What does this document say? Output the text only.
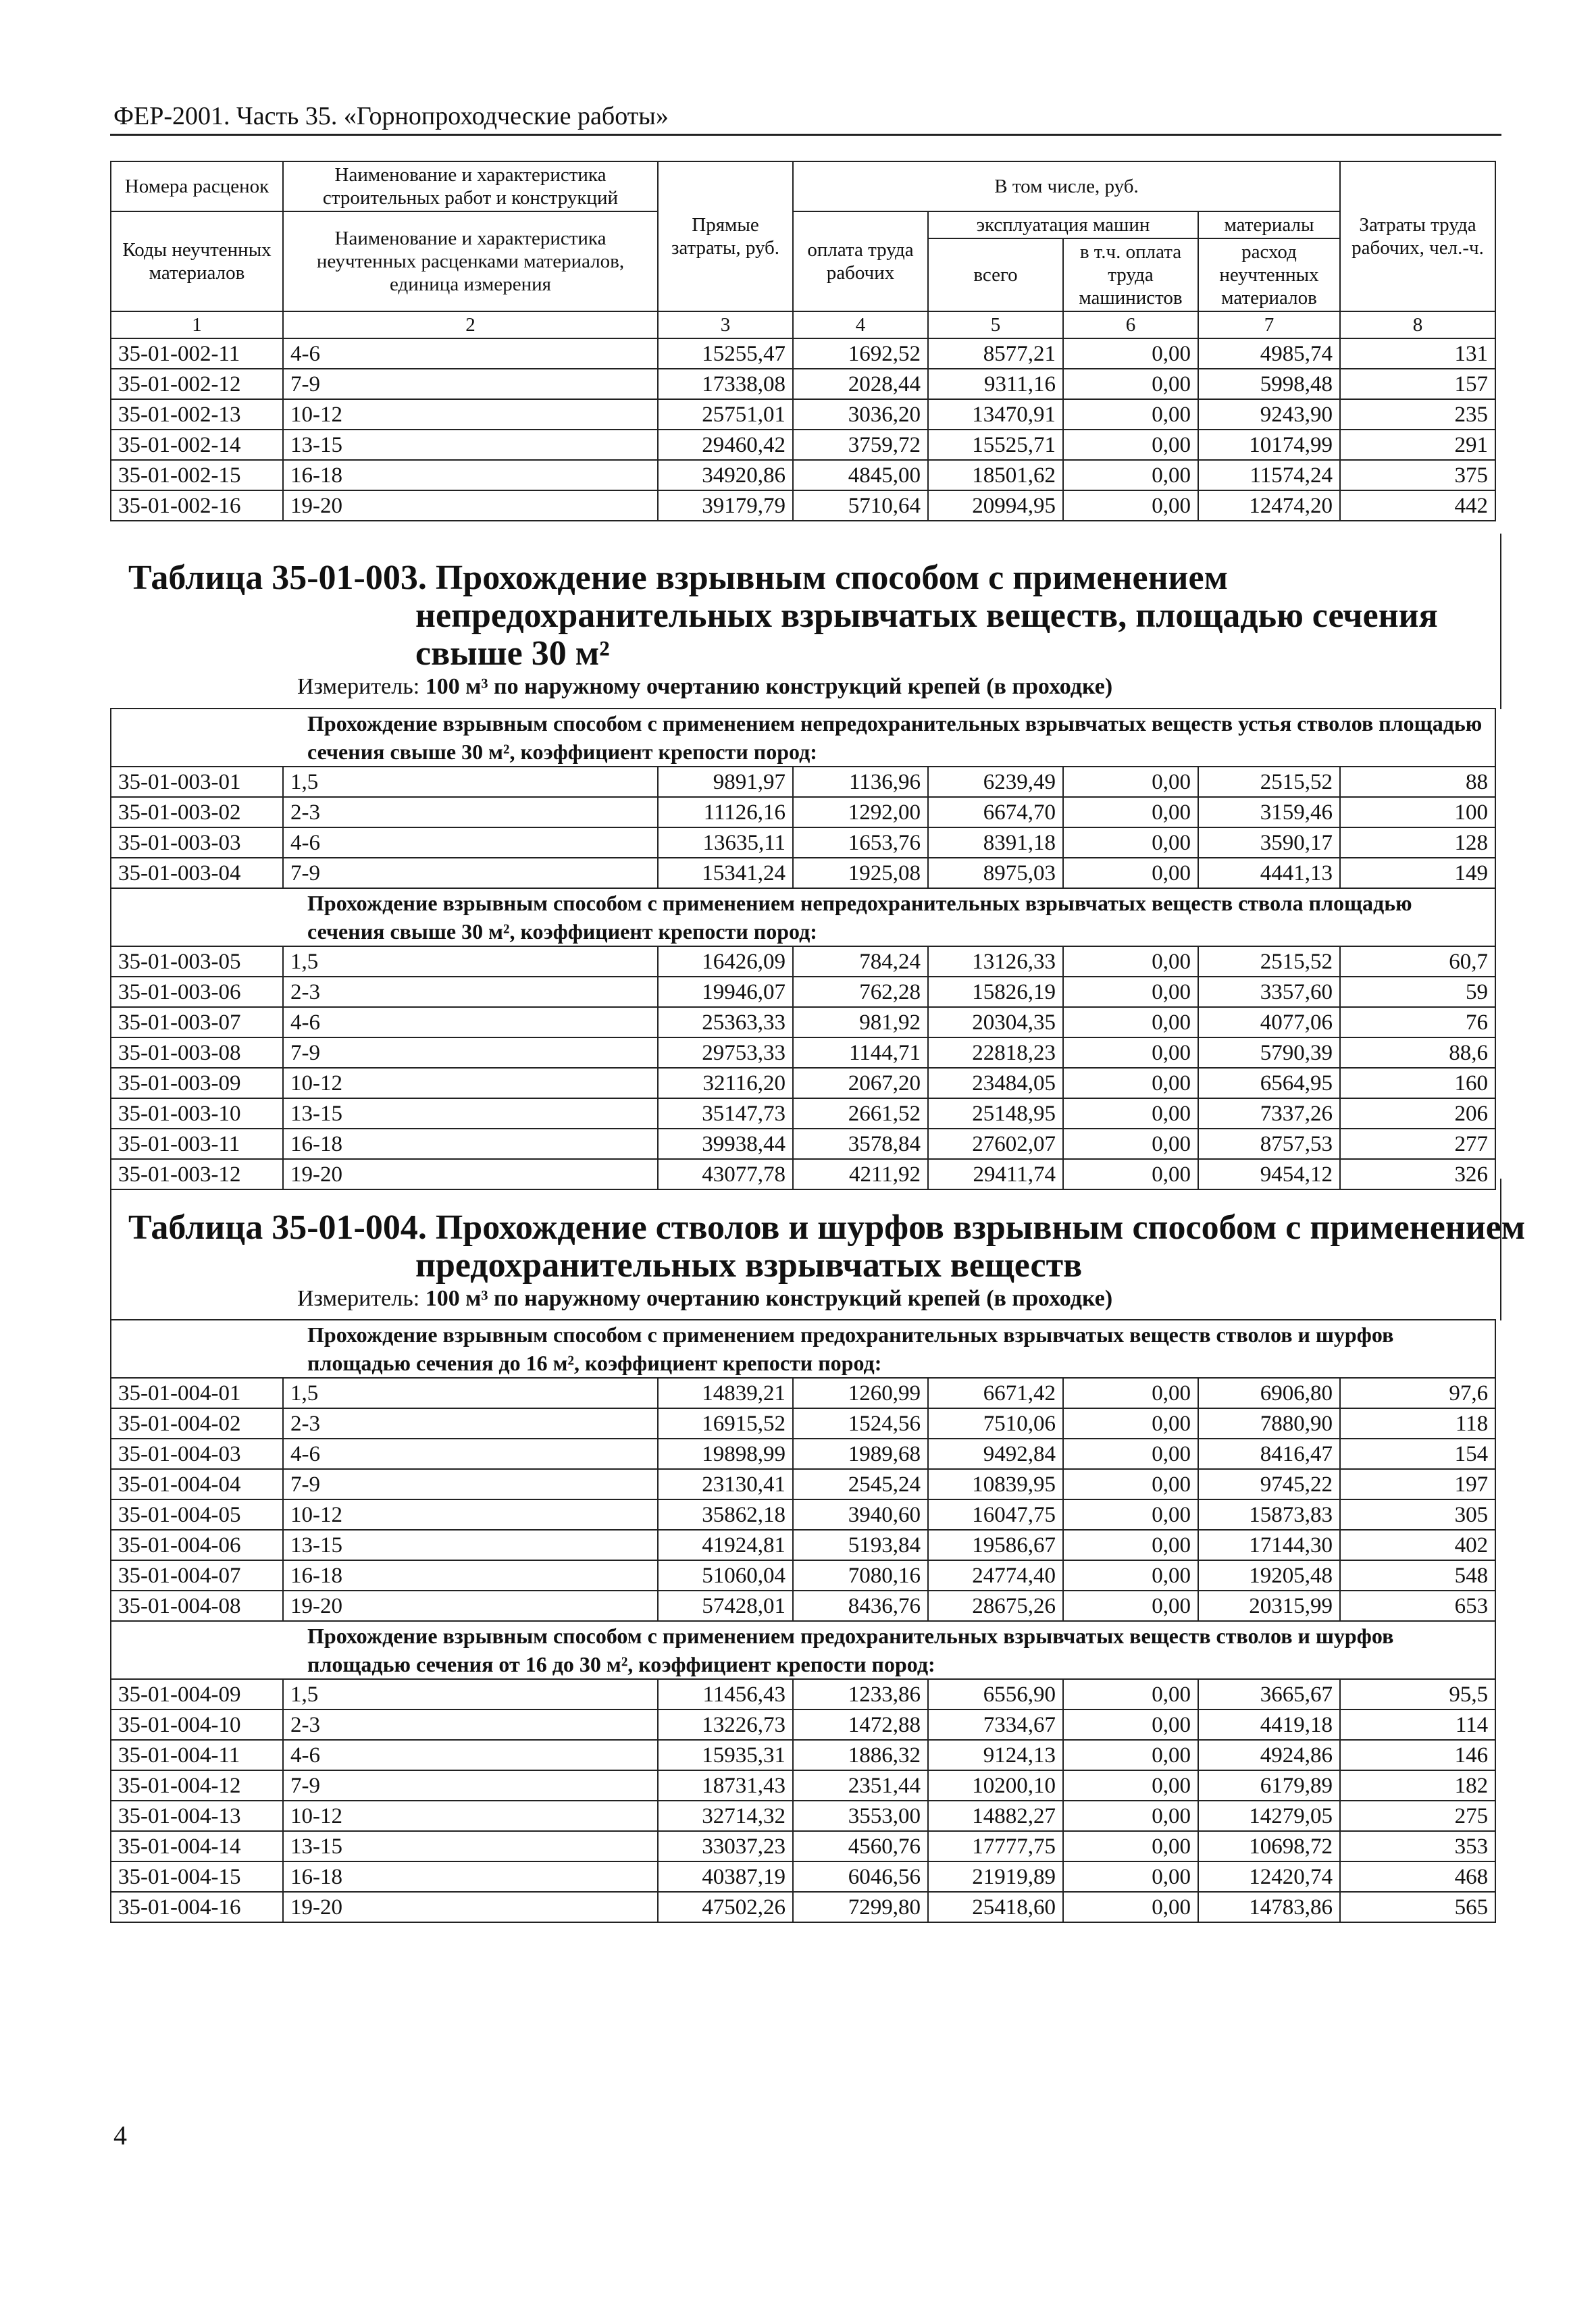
ФЕР-2001. Часть 35. «Горнопроходческие работы»
Номера расценок	Наименование и характеристика строительных работ и конструкций	Прямые затраты, руб.	В том числе, руб.				Затраты труда рабочих, чел.-ч.
Коды неучтенных материалов	Наименование и характеристика неучтенных расценками материалов, единица измерения		оплата труда рабочих	эксплуатация машин		материалы	
				всего	в т.ч. оплата труда машинистов	расход неучтенных материалов	
1	2	3	4	5	6	7	8
35-01-002-11	4-6	15255,47	1692,52	8577,21	0,00	4985,74	131
35-01-002-12	7-9	17338,08	2028,44	9311,16	0,00	5998,48	157
35-01-002-13	10-12	25751,01	3036,20	13470,91	0,00	9243,90	235
35-01-002-14	13-15	29460,42	3759,72	15525,71	0,00	10174,99	291
35-01-002-15	16-18	34920,86	4845,00	18501,62	0,00	11574,24	375
35-01-002-16	19-20	39179,79	5710,64	20994,95	0,00	12474,20	442
Таблица 35-01-003. Прохождение взрывным способом с применением
непредохранительных взрывчатых веществ, площадью сечения
свыше 30 м²
Измеритель: 100 м³ по наружному очертанию конструкций крепей (в проходке)
Прохождение взрывным способом с применением непредохранительных взрывчатых веществ устья стволов площадью сечения свыше 30 м², коэффициент крепости пород:							
35-01-003-01	1,5	9891,97	1136,96	6239,49	0,00	2515,52	88
35-01-003-02	2-3	11126,16	1292,00	6674,70	0,00	3159,46	100
35-01-003-03	4-6	13635,11	1653,76	8391,18	0,00	3590,17	128
35-01-003-04	7-9	15341,24	1925,08	8975,03	0,00	4441,13	149
Прохождение взрывным способом с применением непредохранительных взрывчатых веществ ствола площадью сечения свыше 30 м², коэффициент крепости пород:							
35-01-003-05	1,5	16426,09	784,24	13126,33	0,00	2515,52	60,7
35-01-003-06	2-3	19946,07	762,28	15826,19	0,00	3357,60	59
35-01-003-07	4-6	25363,33	981,92	20304,35	0,00	4077,06	76
35-01-003-08	7-9	29753,33	1144,71	22818,23	0,00	5790,39	88,6
35-01-003-09	10-12	32116,20	2067,20	23484,05	0,00	6564,95	160
35-01-003-10	13-15	35147,73	2661,52	25148,95	0,00	7337,26	206
35-01-003-11	16-18	39938,44	3578,84	27602,07	0,00	8757,53	277
35-01-003-12	19-20	43077,78	4211,92	29411,74	0,00	9454,12	326
Таблица 35-01-004. Прохождение стволов и шурфов взрывным способом с применением
предохранительных взрывчатых веществ
Измеритель: 100 м³ по наружному очертанию конструкций крепей (в проходке)
Прохождение взрывным способом с применением предохранительных взрывчатых веществ стволов и шурфов площадью сечения до 16 м², коэффициент крепости пород:							
35-01-004-01	1,5	14839,21	1260,99	6671,42	0,00	6906,80	97,6
35-01-004-02	2-3	16915,52	1524,56	7510,06	0,00	7880,90	118
35-01-004-03	4-6	19898,99	1989,68	9492,84	0,00	8416,47	154
35-01-004-04	7-9	23130,41	2545,24	10839,95	0,00	9745,22	197
35-01-004-05	10-12	35862,18	3940,60	16047,75	0,00	15873,83	305
35-01-004-06	13-15	41924,81	5193,84	19586,67	0,00	17144,30	402
35-01-004-07	16-18	51060,04	7080,16	24774,40	0,00	19205,48	548
35-01-004-08	19-20	57428,01	8436,76	28675,26	0,00	20315,99	653
Прохождение взрывным способом с применением предохранительных взрывчатых веществ стволов и шурфов площадью сечения от 16 до 30 м², коэффициент крепости пород:							
35-01-004-09	1,5	11456,43	1233,86	6556,90	0,00	3665,67	95,5
35-01-004-10	2-3	13226,73	1472,88	7334,67	0,00	4419,18	114
35-01-004-11	4-6	15935,31	1886,32	9124,13	0,00	4924,86	146
35-01-004-12	7-9	18731,43	2351,44	10200,10	0,00	6179,89	182
35-01-004-13	10-12	32714,32	3553,00	14882,27	0,00	14279,05	275
35-01-004-14	13-15	33037,23	4560,76	17777,75	0,00	10698,72	353
35-01-004-15	16-18	40387,19	6046,56	21919,89	0,00	12420,74	468
35-01-004-16	19-20	47502,26	7299,80	25418,60	0,00	14783,86	565
4
